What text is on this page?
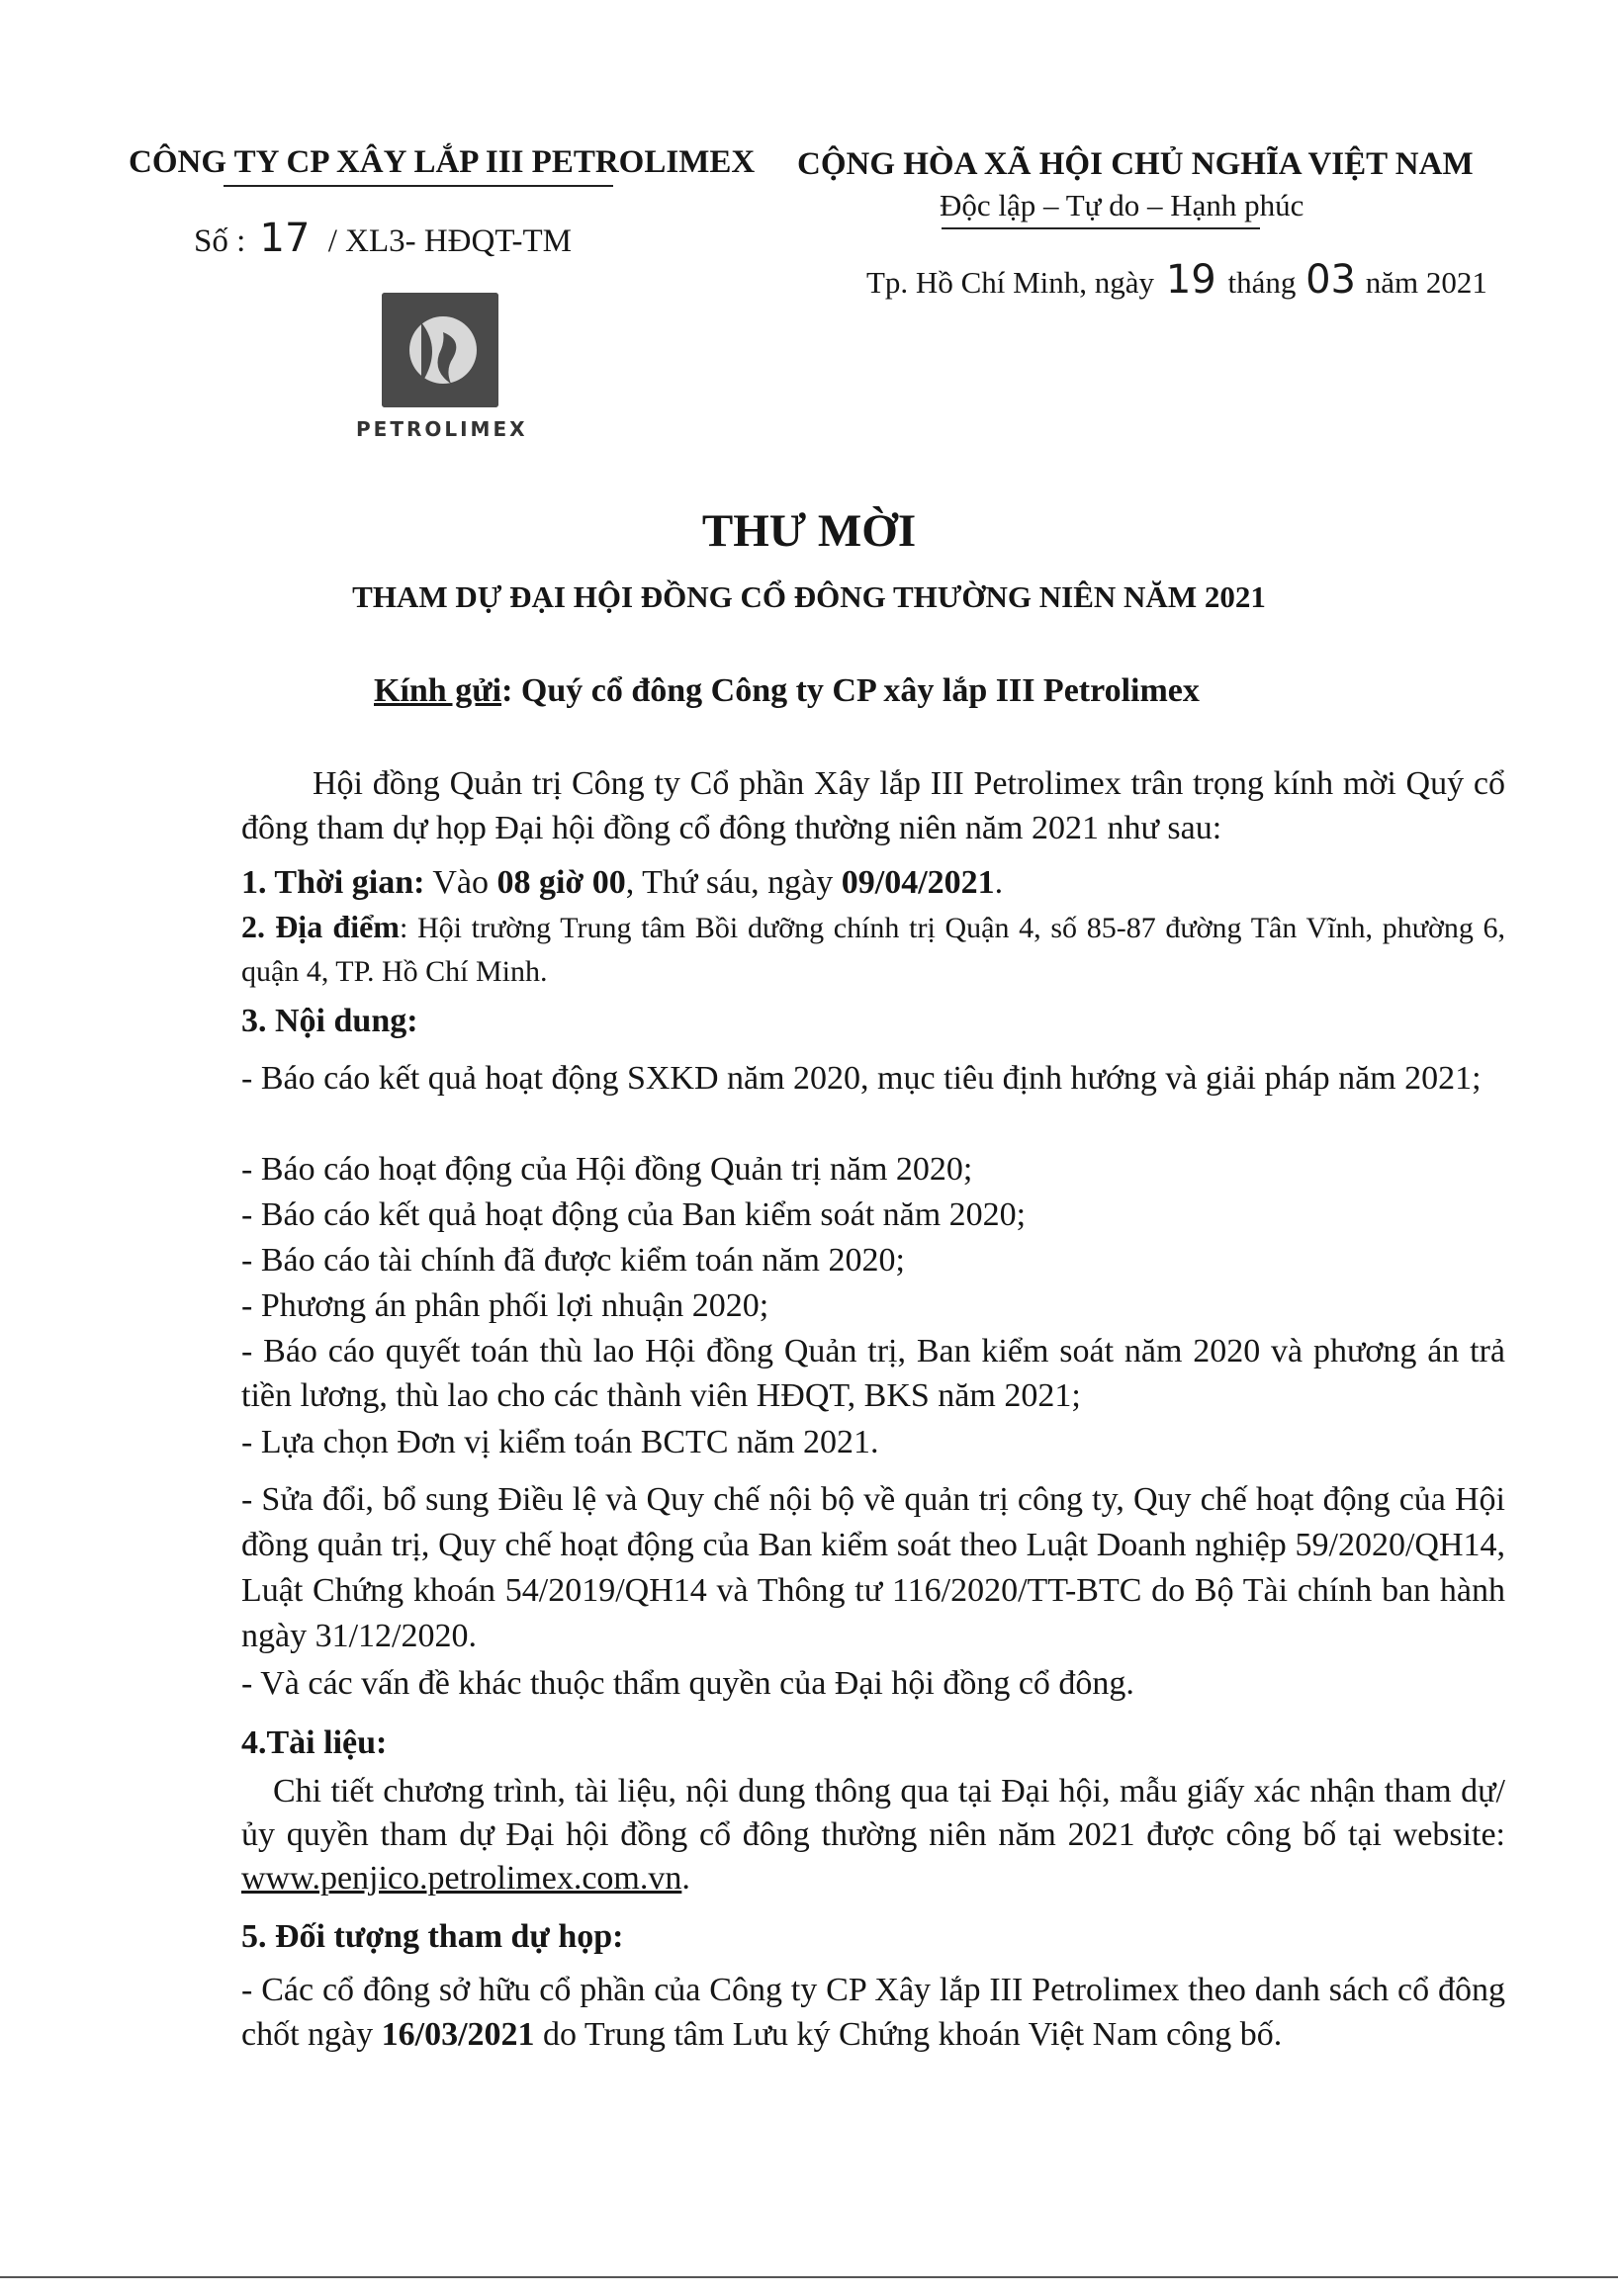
CÔNG TY CP XÂY LẮP III PETROLIMEX
Số : 17 / XL3- HĐQT-TM
PETROLIMEX
CỘNG HÒA XÃ HỘI CHỦ NGHĨA VIỆT NAM
Độc lập – Tự do – Hạnh phúc
Tp. Hồ Chí Minh, ngày 19 tháng 03 năm 2021
THƯ MỜI
THAM DỰ ĐẠI HỘI ĐỒNG CỔ ĐÔNG THƯỜNG NIÊN NĂM 2021
Kính gửi: Quý cổ đông Công ty CP xây lắp III Petrolimex
Hội đồng Quản trị Công ty Cổ phần Xây lắp III Petrolimex trân trọng kính mời Quý cổ đông tham dự họp Đại hội đồng cổ đông thường niên năm 2021 như sau:
1. Thời gian: Vào 08 giờ 00, Thứ sáu, ngày 09/04/2021.
2. Địa điểm: Hội trường Trung tâm Bồi dưỡng chính trị Quận 4, số 85-87 đường Tân Vĩnh, phường 6, quận 4, TP. Hồ Chí Minh.
3. Nội dung:
- Báo cáo kết quả hoạt động SXKD năm 2020, mục tiêu định hướng và giải pháp năm 2021;
- Báo cáo hoạt động của Hội đồng Quản trị năm 2020;
- Báo cáo kết quả hoạt động của Ban kiểm soát năm 2020;
- Báo cáo tài chính đã được kiểm toán năm 2020;
- Phương án phân phối lợi nhuận 2020;
- Báo cáo quyết toán thù lao Hội đồng Quản trị, Ban kiểm soát năm 2020 và phương án trả tiền lương, thù lao cho các thành viên HĐQT, BKS năm 2021;
- Lựa chọn Đơn vị kiểm toán BCTC năm 2021.
- Sửa đổi, bổ sung Điều lệ và Quy chế nội bộ về quản trị công ty, Quy chế hoạt động của Hội đồng quản trị, Quy chế hoạt động của Ban kiểm soát theo Luật Doanh nghiệp 59/2020/QH14, Luật Chứng khoán 54/2019/QH14 và Thông tư 116/2020/TT-BTC do Bộ Tài chính ban hành ngày 31/12/2020.
- Và các vấn đề khác thuộc thẩm quyền của Đại hội đồng cổ đông.
4.Tài liệu:
Chi tiết chương trình, tài liệu, nội dung thông qua tại Đại hội, mẫu giấy xác nhận tham dự/ủy quyền tham dự Đại hội đồng cổ đông thường niên năm 2021 được công bố tại website: www.penjico.petrolimex.com.vn.
5. Đối tượng tham dự họp:
- Các cổ đông sở hữu cổ phần của Công ty CP Xây lắp III Petrolimex theo danh sách cổ đông chốt ngày 16/03/2021 do Trung tâm Lưu ký Chứng khoán Việt Nam công bố.
